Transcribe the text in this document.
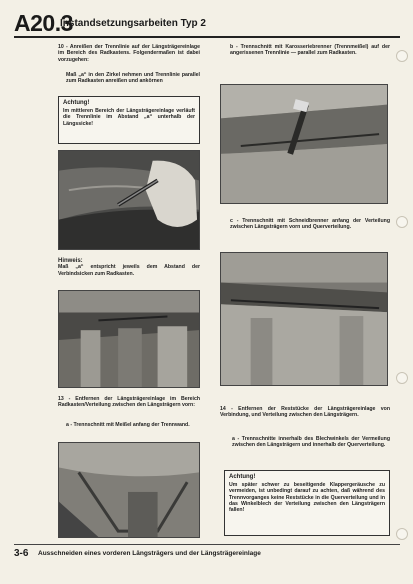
A20.3
Instandsetzungsarbeiten Typ 2
10 - Anreißen der Trennlinie auf der Längsträgereinlage im Bereich des Radkastens. Folgendermaßen ist dabei vorzugehen:
Maß „a“ in den Zirkel nehmen und Trennlinie parallel zum Radkasten anreißen und ankörnen
Achtung!
Im mittleren Bereich der Längsträgereinlage verläuft die Trennlinie im Abstand „a“ unterhalb der Längssicke!
Hinweis:
Maß „a“ entspricht jeweils dem Abstand der Verbindsicken zum Radkasten.
13 - Entfernen der Längsträgereinlage im Bereich Radkasten/Verteilung zwischen den Längsträgern vorn:
a - Trennschnitt mit Meißel anfang der Trennwand.
b - Trennschnitt mit Karosseriebrenner (Trennmeißel) auf der angerissenen Trennlinie — parallel zum Radkasten.
c - Trennschnitt mit Schneidbrenner anfang der Verteilung zwischen Längsträgern vorn und Querverteilung.
14 - Entfernen der Reststücke der Längsträgereinlage von Verbindung, und Verteilung zwischen den Längsträgern.
a - Trennschnitte innerhalb des Blechwinkels der Vermeilung zwischen den Längsträgern und innerhalb der Querverteilung.
Achtung!
Um später schwer zu beseitigende Klappergeräusche zu vermeiden, ist unbedingt darauf zu achten, daß während des Trennvorganges keine Reststücke in die Querverteilung und in das Winkelblech der Verteilung zwischen den Längsträgern fallen!
3-6 Ausschneiden eines vorderen Längsträgers und der Längsträgereinlage
